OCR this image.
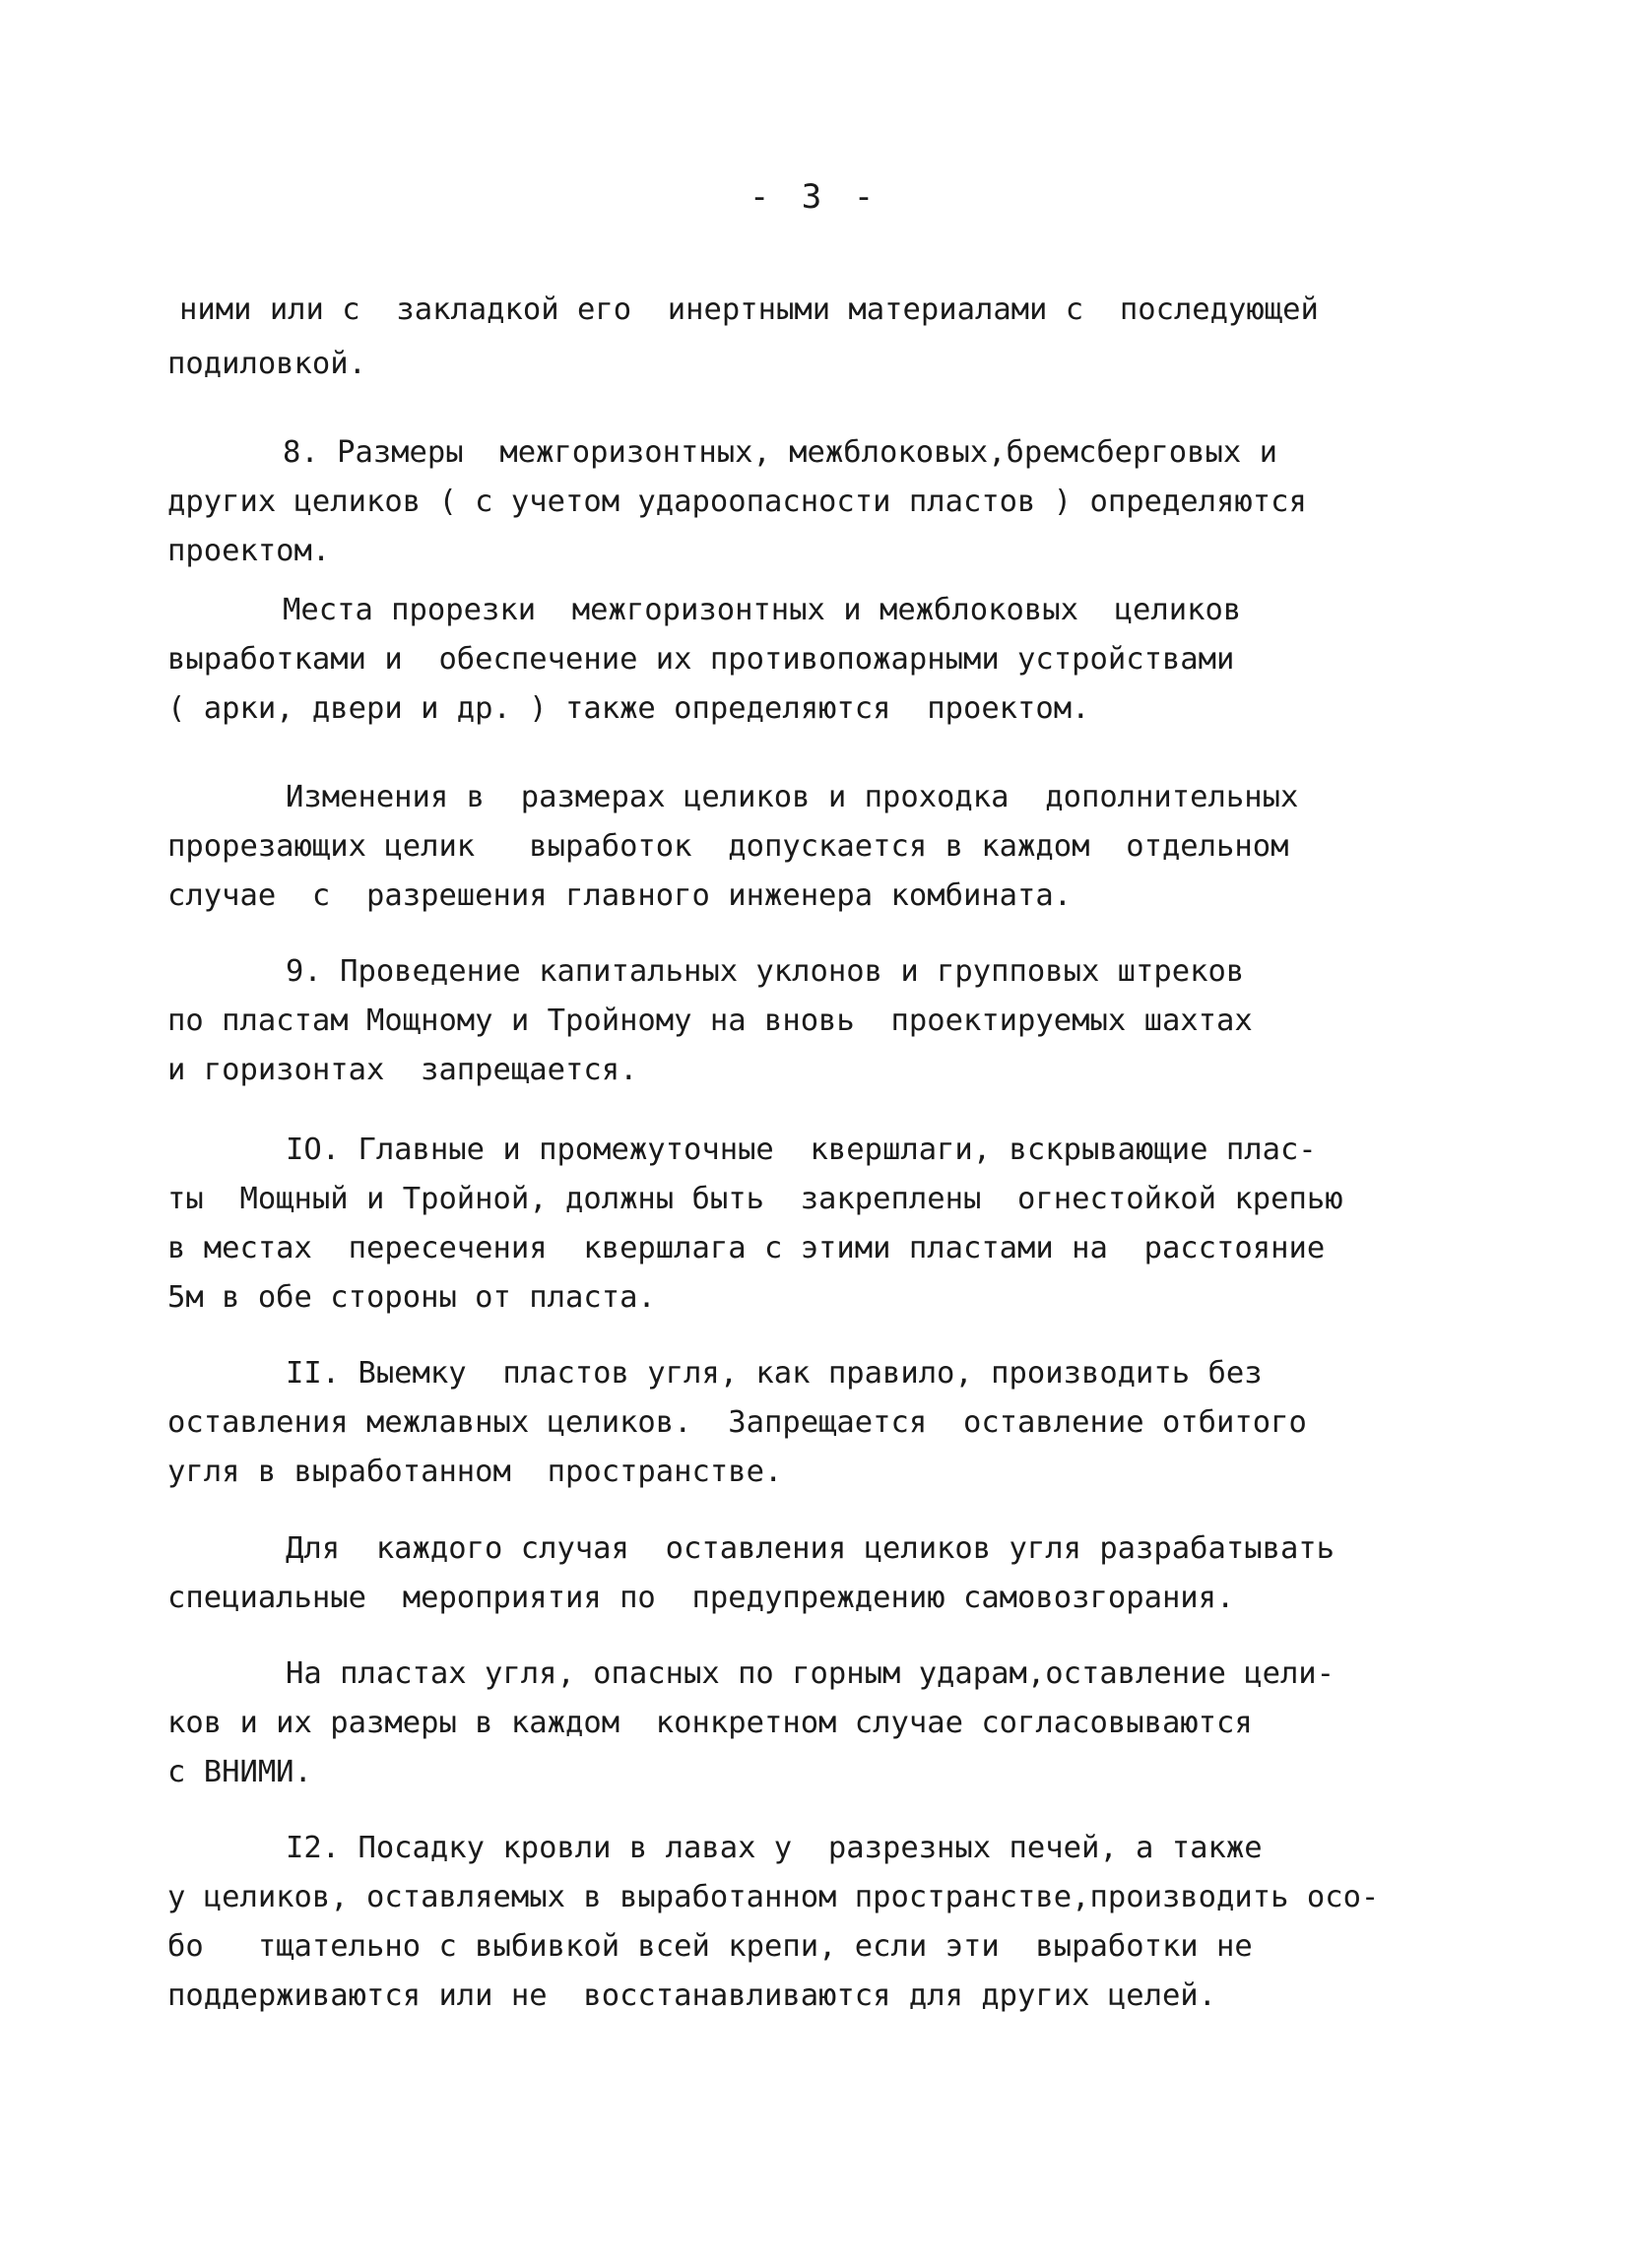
- 3 -
ними или с  закладкой его  инертными материалами с  последующей
подиловкой.
8. Размеры  межгоризонтных, межблоковых,бремсберговых и
других целиков ( с учетом удароопасности пластов ) определяются
проектом.
Места прорезки  межгоризонтных и межблоковых  целиков
выработками и  обеспечение их противопожарными устройствами
( арки, двери и др. ) также определяются  проектом.
Изменения в  размерах целиков и проходка  дополнительных
прорезающих целик   выработок  допускается в каждом  отдельном
случае  с  разрешения главного инженера комбината.
9. Проведение капитальных уклонов и групповых штреков
по пластам Мощному и Тройному на вновь  проектируемых шахтах
и горизонтах  запрещается.
IO. Главные и промежуточные  квершлаги, вскрывающие плас-
ты  Мощный и Тройной, должны быть  закреплены  огнестойкой крепью
в местах  пересечения  квершлага с этими пластами на  расстояние
5м в обе стороны от пласта.
II. Выемку  пластов угля, как правило, производить без
оставления межлавных целиков.  Запрещается  оставление отбитого
угля в выработанном  пространстве.
Для  каждого случая  оставления целиков угля разрабатывать
специальные  мероприятия по  предупреждению самовозгорания.
На пластах угля, опасных по горным ударам,оставление цели-
ков и их размеры в каждом  конкретном случае согласовываются
с ВНИМИ.
I2. Посадку кровли в лавах у  разрезных печей, а также
у целиков, оставляемых в выработанном пространстве,производить осо-
бо   тщательно с выбивкой всей крепи, если эти  выработки не
поддерживаются или не  восстанавливаются для других целей.
